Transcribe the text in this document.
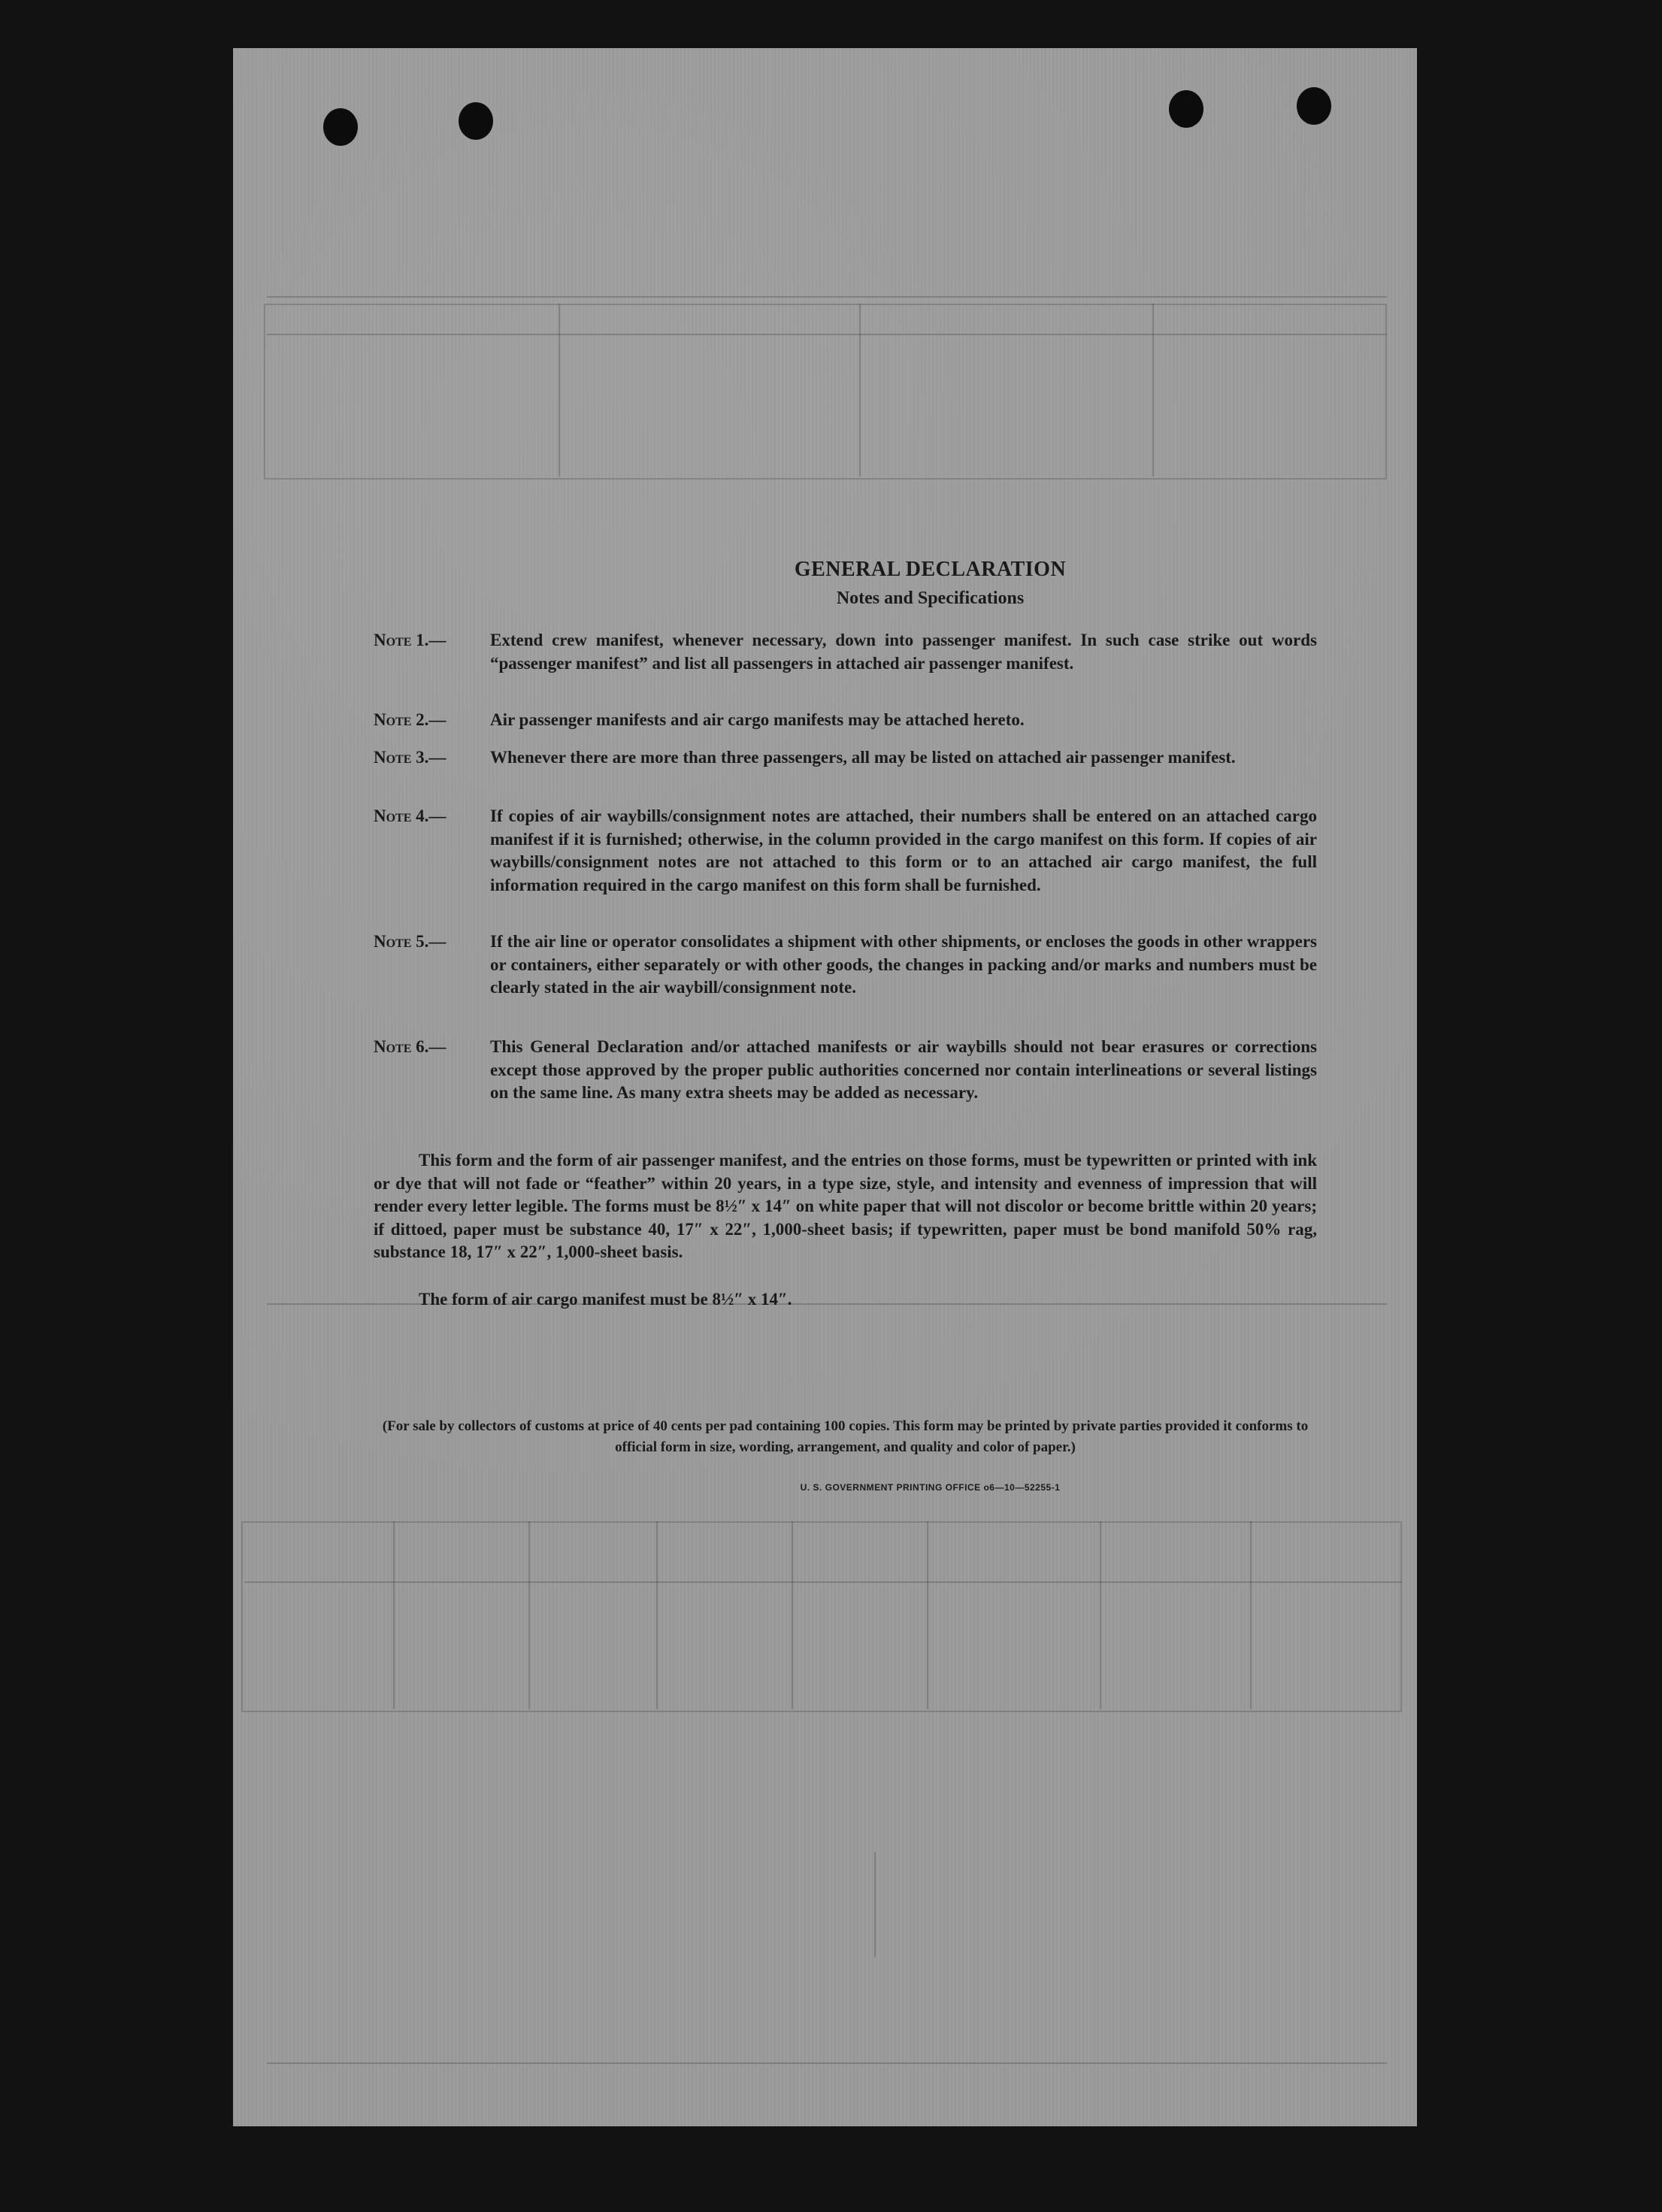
GENERAL DECLARATION
Notes and Specifications
Note 1.—	Extend crew manifest, whenever necessary, down into passenger manifest. In such case strike out words “passenger manifest” and list all passengers in attached air passenger manifest.
Note 2.—	Air passenger manifests and air cargo manifests may be attached hereto.
Note 3.—	Whenever there are more than three passengers, all may be listed on attached air passenger manifest.
Note 4.—	If copies of air waybills/consignment notes are attached, their numbers shall be entered on an attached cargo manifest if it is furnished; otherwise, in the column provided in the cargo manifest on this form. If copies of air waybills/consignment notes are not attached to this form or to an attached air cargo manifest, the full information required in the cargo manifest on this form shall be furnished.
Note 5.—	If the air line or operator consolidates a shipment with other shipments, or encloses the goods in other wrappers or containers, either separately or with other goods, the changes in packing and/or marks and numbers must be clearly stated in the air waybill/consignment note.
Note 6.—	This General Declaration and/or attached manifests or air waybills should not bear erasures or corrections except those approved by the proper public authorities concerned nor contain interlineations or several listings on the same line. As many extra sheets may be added as necessary.
This form and the form of air passenger manifest, and the entries on those forms, must be typewritten or printed with ink or dye that will not fade or “feather” within 20 years, in a type size, style, and intensity and evenness of impression that will render every letter legible. The forms must be 8½″ x 14″ on white paper that will not discolor or become brittle within 20 years; if dittoed, paper must be substance 40, 17″ x 22″, 1,000-sheet basis; if typewritten, paper must be bond manifold 50% rag, substance 18, 17″ x 22″, 1,000-sheet basis.
The form of air cargo manifest must be 8½″ x 14″.
(For sale by collectors of customs at price of 40 cents per pad containing 100 copies. This form may be printed by private parties provided it conforms to official form in size, wording, arrangement, and quality and color of paper.)
U. S. GOVERNMENT PRINTING OFFICE o6—10—52255-1
